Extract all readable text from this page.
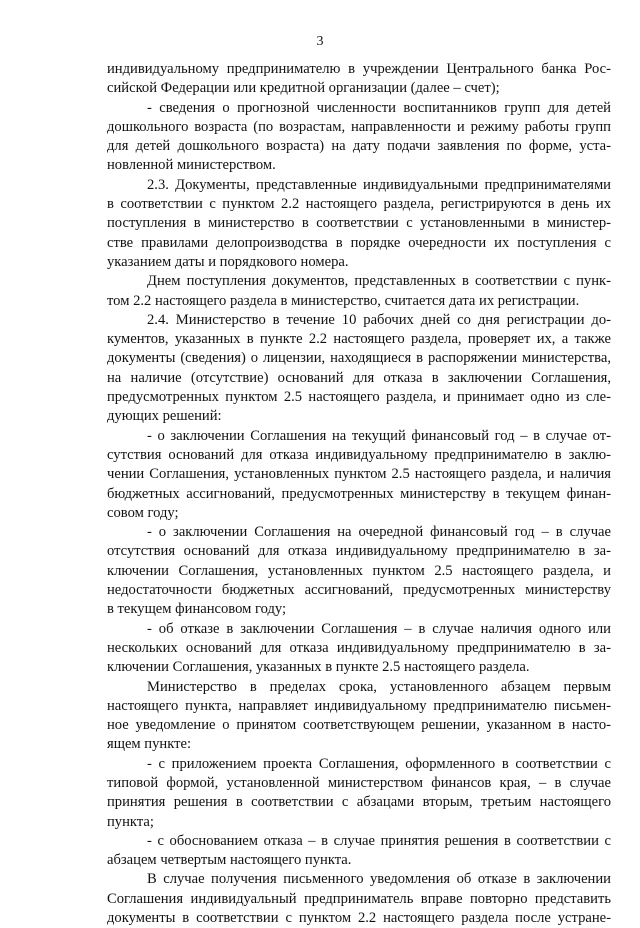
3
индивидуальному предпринимателю в учреждении Центрального банка Рос-
сийской Федерации или кредитной организации (далее – счет);
- сведения о прогнозной численности воспитанников групп для детей
дошкольного возраста (по возрастам, направленности и режиму работы групп
для детей дошкольного возраста) на дату подачи заявления по форме, уста-
новленной министерством.
2.3. Документы, представленные индивидуальными предпринимателями
в соответствии с пунктом 2.2 настоящего раздела, регистрируются в день их
поступления в министерство в соответствии с установленными в министер-
стве правилами делопроизводства в порядке очередности их поступления с
указанием даты и порядкового номера.
Днем поступления документов, представленных в соответствии с пунк-
том 2.2 настоящего раздела в министерство, считается дата их регистрации.
2.4. Министерство в течение 10 рабочих дней со дня регистрации до-
кументов, указанных в пункте 2.2 настоящего раздела, проверяет их, а также
документы (сведения) о лицензии, находящиеся в распоряжении министерства,
на наличие (отсутствие) оснований для отказа в заключении Соглашения,
предусмотренных пунктом 2.5 настоящего раздела, и принимает одно из сле-
дующих решений:
- о заключении Соглашения на текущий финансовый год – в случае от-
сутствия оснований для отказа индивидуальному предпринимателю в заклю-
чении Соглашения, установленных пунктом 2.5 настоящего раздела, и наличия
бюджетных ассигнований, предусмотренных министерству в текущем финан-
совом году;
- о заключении Соглашения на очередной финансовый год – в случае
отсутствия оснований для отказа индивидуальному предпринимателю в за-
ключении Соглашения, установленных пунктом 2.5 настоящего раздела, и
недостаточности бюджетных ассигнований, предусмотренных министерству
в текущем финансовом году;
- об отказе в заключении Соглашения – в случае наличия одного или
нескольких оснований для отказа индивидуальному предпринимателю в за-
ключении Соглашения, указанных в пункте 2.5 настоящего раздела.
Министерство в пределах срока, установленного абзацем первым
настоящего пункта, направляет индивидуальному предпринимателю письмен-
ное уведомление о принятом соответствующем решении, указанном в насто-
ящем пункте:
- с приложением проекта Соглашения, оформленного в соответствии с
типовой формой, установленной министерством финансов края, – в случае
принятия решения в соответствии с абзацами вторым, третьим настоящего
пункта;
- с обоснованием отказа – в случае принятия решения в соответствии с
абзацем четвертым настоящего пункта.
В случае получения письменного уведомления об отказе в заключении
Соглашения индивидуальный предприниматель вправе повторно представить
документы в соответствии с пунктом 2.2 настоящего раздела после устране-
